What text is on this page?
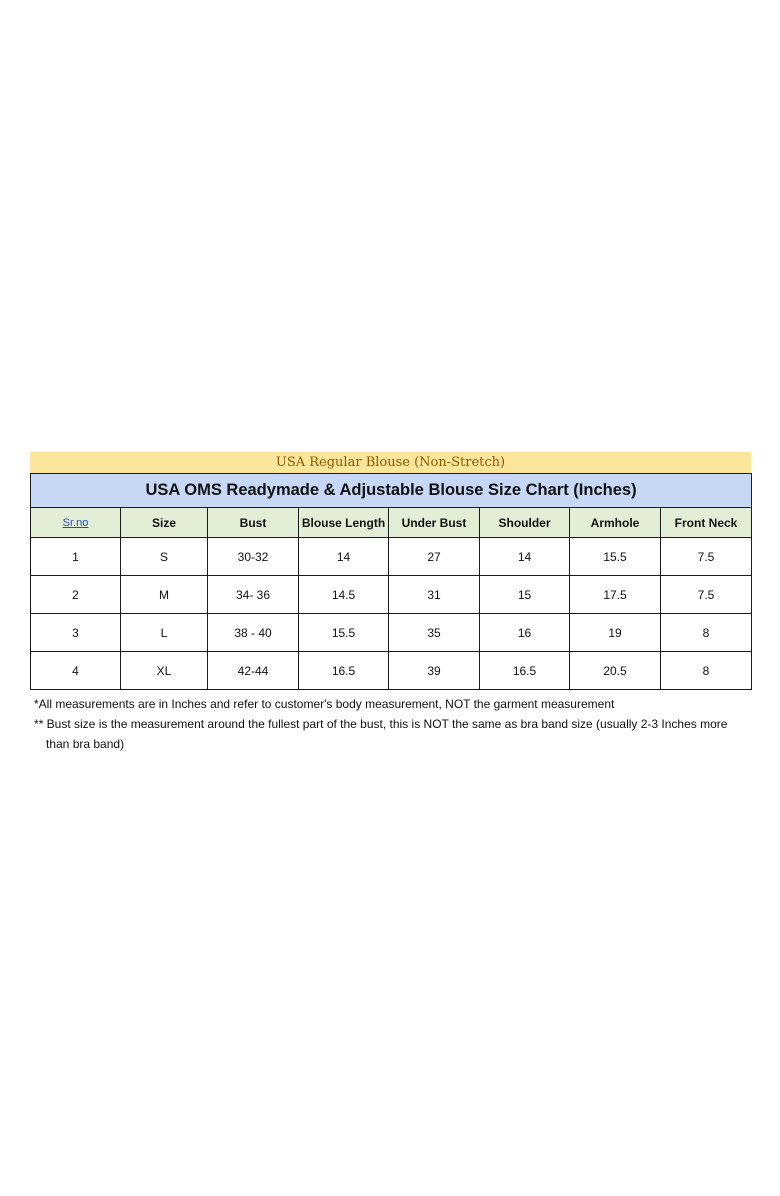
USA Regular Blouse (Non-Stretch)
USA OMS Readymade & Adjustable Blouse Size Chart (Inches)							
Sr.no	Size	Bust	Blouse Length	Under Bust	Shoulder	Armhole	Front Neck
1	S	30-32	14	27	14	15.5	7.5
2	M	34- 36	14.5	31	15	17.5	7.5
3	L	38 - 40	15.5	35	16	19	8
4	XL	42-44	16.5	39	16.5	20.5	8

*All measurements are in Inches and refer to customer's body measurement, NOT the garment measurement

** Bust size is the measurement around the fullest part of the bust, this is NOT the same as bra band size (usually 2-3 Inches more

than bra band)
